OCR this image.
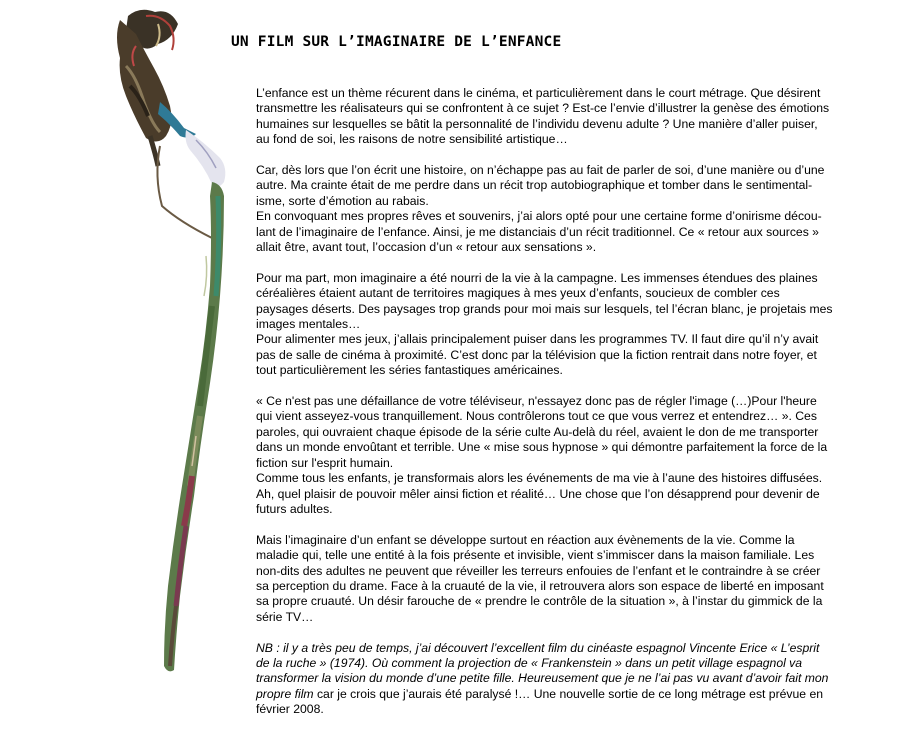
UN FILM SUR L’IMAGINAIRE DE L’ENFANCE

L’enfance est un thème récurent dans le cinéma, et particulièrement dans le court métrage. Que désirent
transmettre les réalisateurs qui se confrontent à ce sujet ? Est-ce l’envie d’illustrer la genèse des émotions
humaines sur lesquelles se bâtit la personnalité de l’individu devenu adulte ? Une manière d’aller puiser,
au fond de soi, les raisons de notre sensibilité artistique…

Car, dès lors que l’on écrit une histoire, on n’échappe pas au fait de parler de soi, d’une manière ou d’une
autre. Ma crainte était de me perdre dans un récit trop autobiographique et tomber dans le sentimental-
isme, sorte d’émotion au rabais.
En convoquant mes propres rêves et souvenirs, j’ai alors opté pour une certaine forme d’onirisme décou-
lant de l’imaginaire de l’enfance. Ainsi, je me distanciais d’un récit traditionnel. Ce « retour aux sources »
allait être, avant tout, l’occasion d’un « retour aux sensations ».

Pour ma part, mon imaginaire a été nourri de la vie à la campagne. Les immenses étendues des plaines
céréalières étaient autant de territoires magiques à mes yeux d’enfants, soucieux de combler ces
paysages déserts. Des paysages trop grands pour moi mais sur lesquels, tel l’écran blanc, je projetais mes
images mentales…
Pour alimenter mes jeux, j’allais principalement puiser dans les programmes TV. Il faut dire qu’il n’y avait
pas de salle de cinéma à proximité. C’est donc par la télévision que la fiction rentrait dans notre foyer, et
tout particulièrement les séries fantastiques américaines.

« Ce n'est pas une défaillance de votre téléviseur, n'essayez donc pas de régler l'image (…)Pour l'heure
qui vient asseyez-vous tranquillement. Nous contrôlerons tout ce que vous verrez et entendrez… ». Ces
paroles, qui ouvraient chaque épisode de la série culte Au-delà du réel, avaient le don de me transporter
dans un monde envoûtant et terrible. Une « mise sous hypnose » qui démontre parfaitement la force de la
fiction sur l'esprit humain.
Comme tous les enfants, je transformais alors les événements de ma vie à l’aune des histoires diffusées.
Ah, quel plaisir de pouvoir mêler ainsi fiction et réalité… Une chose que l’on désapprend pour devenir de
futurs adultes.

Mais l’imaginaire d’un enfant se développe surtout en réaction aux évènements de la vie. Comme la
maladie qui, telle une entité à la fois présente et invisible, vient s’immiscer dans la maison familiale. Les
non-dits des adultes ne peuvent que réveiller les terreurs enfouies de l’enfant et le contraindre à se créer
sa perception du drame. Face à la cruauté de la vie, il retrouvera alors son espace de liberté en imposant
sa propre cruauté. Un désir farouche de « prendre le contrôle de la situation », à l’instar du gimmick de la
série TV…

NB : il y a très peu de temps, j’ai découvert l’excellent film du cinéaste espagnol Vincente Erice « L’esprit
de la ruche » (1974). Où comment la projection de « Frankenstein » dans un petit village espagnol va
transformer la vision du monde d’une petite fille. Heureusement que je ne l’ai pas vu avant d’avoir fait mon
propre film car je crois que j’aurais été paralysé !… Une nouvelle sortie de ce long métrage est prévue en
février 2008.
